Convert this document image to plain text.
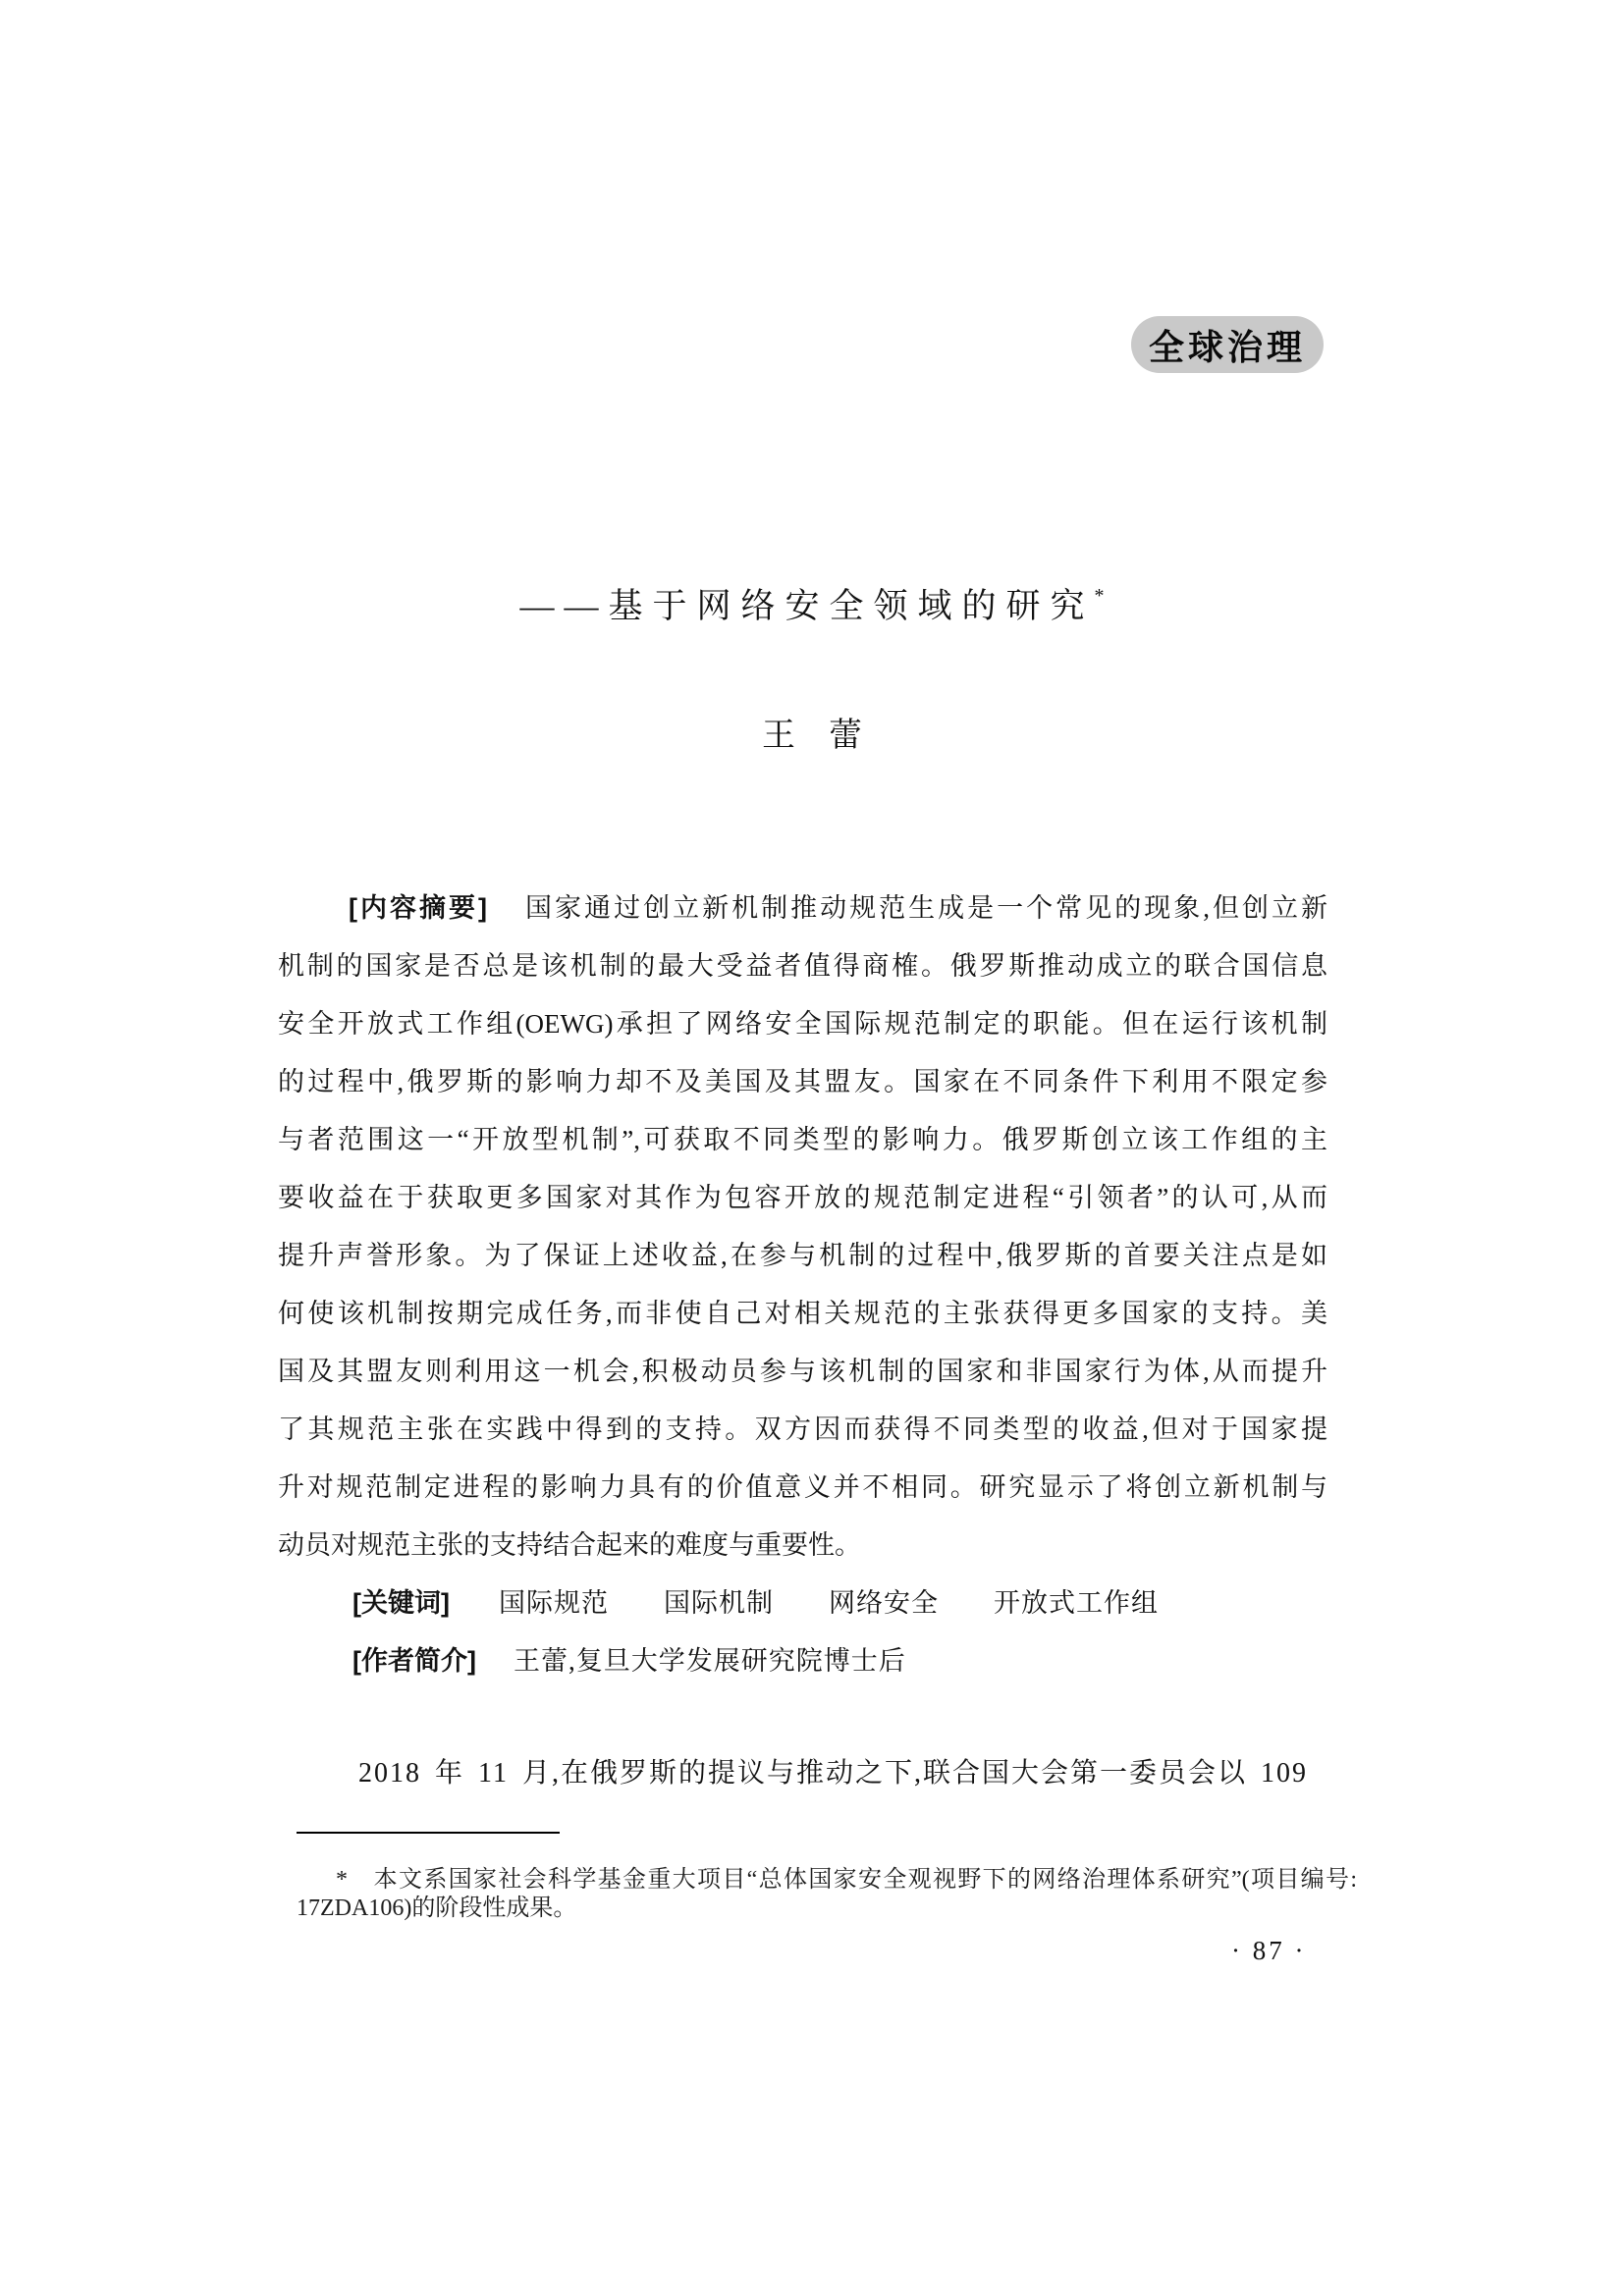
全球治理
——基于网络安全领域的研究*
王　蕾
[内容摘要] 国家通过创立新机制推动规范生成是一个常见的现象,但创立新
机制的国家是否总是该机制的最大受益者值得商榷。俄罗斯推动成立的联合国信息
安全开放式工作组(OEWG)承担了网络安全国际规范制定的职能。但在运行该机制
的过程中,俄罗斯的影响力却不及美国及其盟友。国家在不同条件下利用不限定参
与者范围这一“开放型机制”,可获取不同类型的影响力。俄罗斯创立该工作组的主
要收益在于获取更多国家对其作为包容开放的规范制定进程“引领者”的认可,从而
提升声誉形象。为了保证上述收益,在参与机制的过程中,俄罗斯的首要关注点是如
何使该机制按期完成任务,而非使自己对相关规范的主张获得更多国家的支持。美
国及其盟友则利用这一机会,积极动员参与该机制的国家和非国家行为体,从而提升
了其规范主张在实践中得到的支持。双方因而获得不同类型的收益,但对于国家提
升对规范制定进程的影响力具有的价值意义并不相同。研究显示了将创立新机制与
动员对规范主张的支持结合起来的难度与重要性。
[关键词] 国际规范　　国际机制　　网络安全　　开放式工作组
[作者简介] 王蕾,复旦大学发展研究院博士后
2018 年 11 月,在俄罗斯的提议与推动之下,联合国大会第一委员会以 109
*　本文系国家社会科学基金重大项目“总体国家安全观视野下的网络治理体系研究”(项目编号:
17ZDA106)的阶段性成果。
· 87 ·
